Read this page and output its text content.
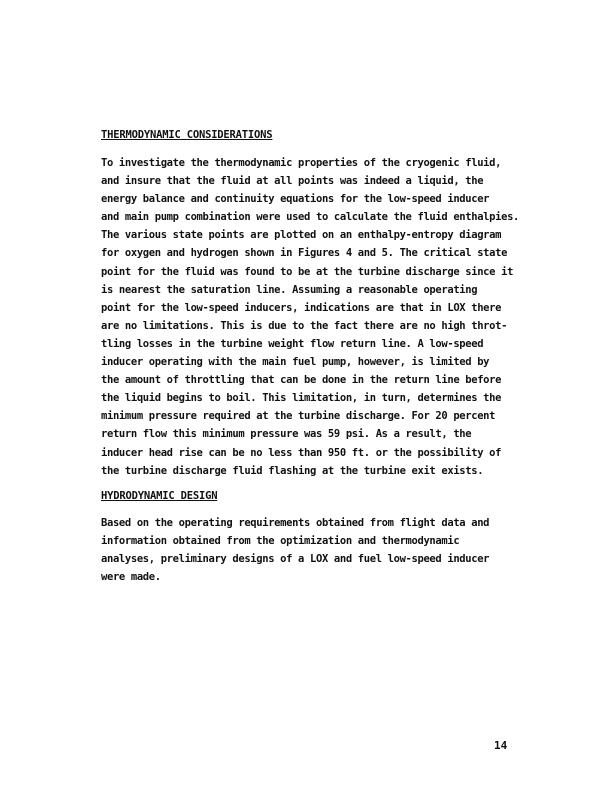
THERMODYNAMIC CONSIDERATIONS
To investigate the thermodynamic properties of the cryogenic fluid,
and insure that the fluid at all points was indeed a liquid, the
energy balance and continuity equations for the low-speed inducer
and main pump combination were used to calculate the fluid enthalpies.
The various state points are plotted on an enthalpy-entropy diagram
for oxygen and hydrogen shown in Figures 4 and 5. The critical state
point for the fluid was found to be at the turbine discharge since it
is nearest the saturation line. Assuming a reasonable operating
point for the low-speed inducers, indications are that in LOX there
are no limitations. This is due to the fact there are no high throt-
tling losses in the turbine weight flow return line. A low-speed
inducer operating with the main fuel pump, however, is limited by
the amount of throttling that can be done in the return line before
the liquid begins to boil. This limitation, in turn, determines the
minimum pressure required at the turbine discharge. For 20 percent
return flow this minimum pressure was 59 psi. As a result, the
inducer head rise can be no less than 950 ft. or the possibility of
the turbine discharge fluid flashing at the turbine exit exists.
HYDRODYNAMIC DESIGN
Based on the operating requirements obtained from flight data and
information obtained from the optimization and thermodynamic
analyses, preliminary designs of a LOX and fuel low-speed inducer
were made.
14
